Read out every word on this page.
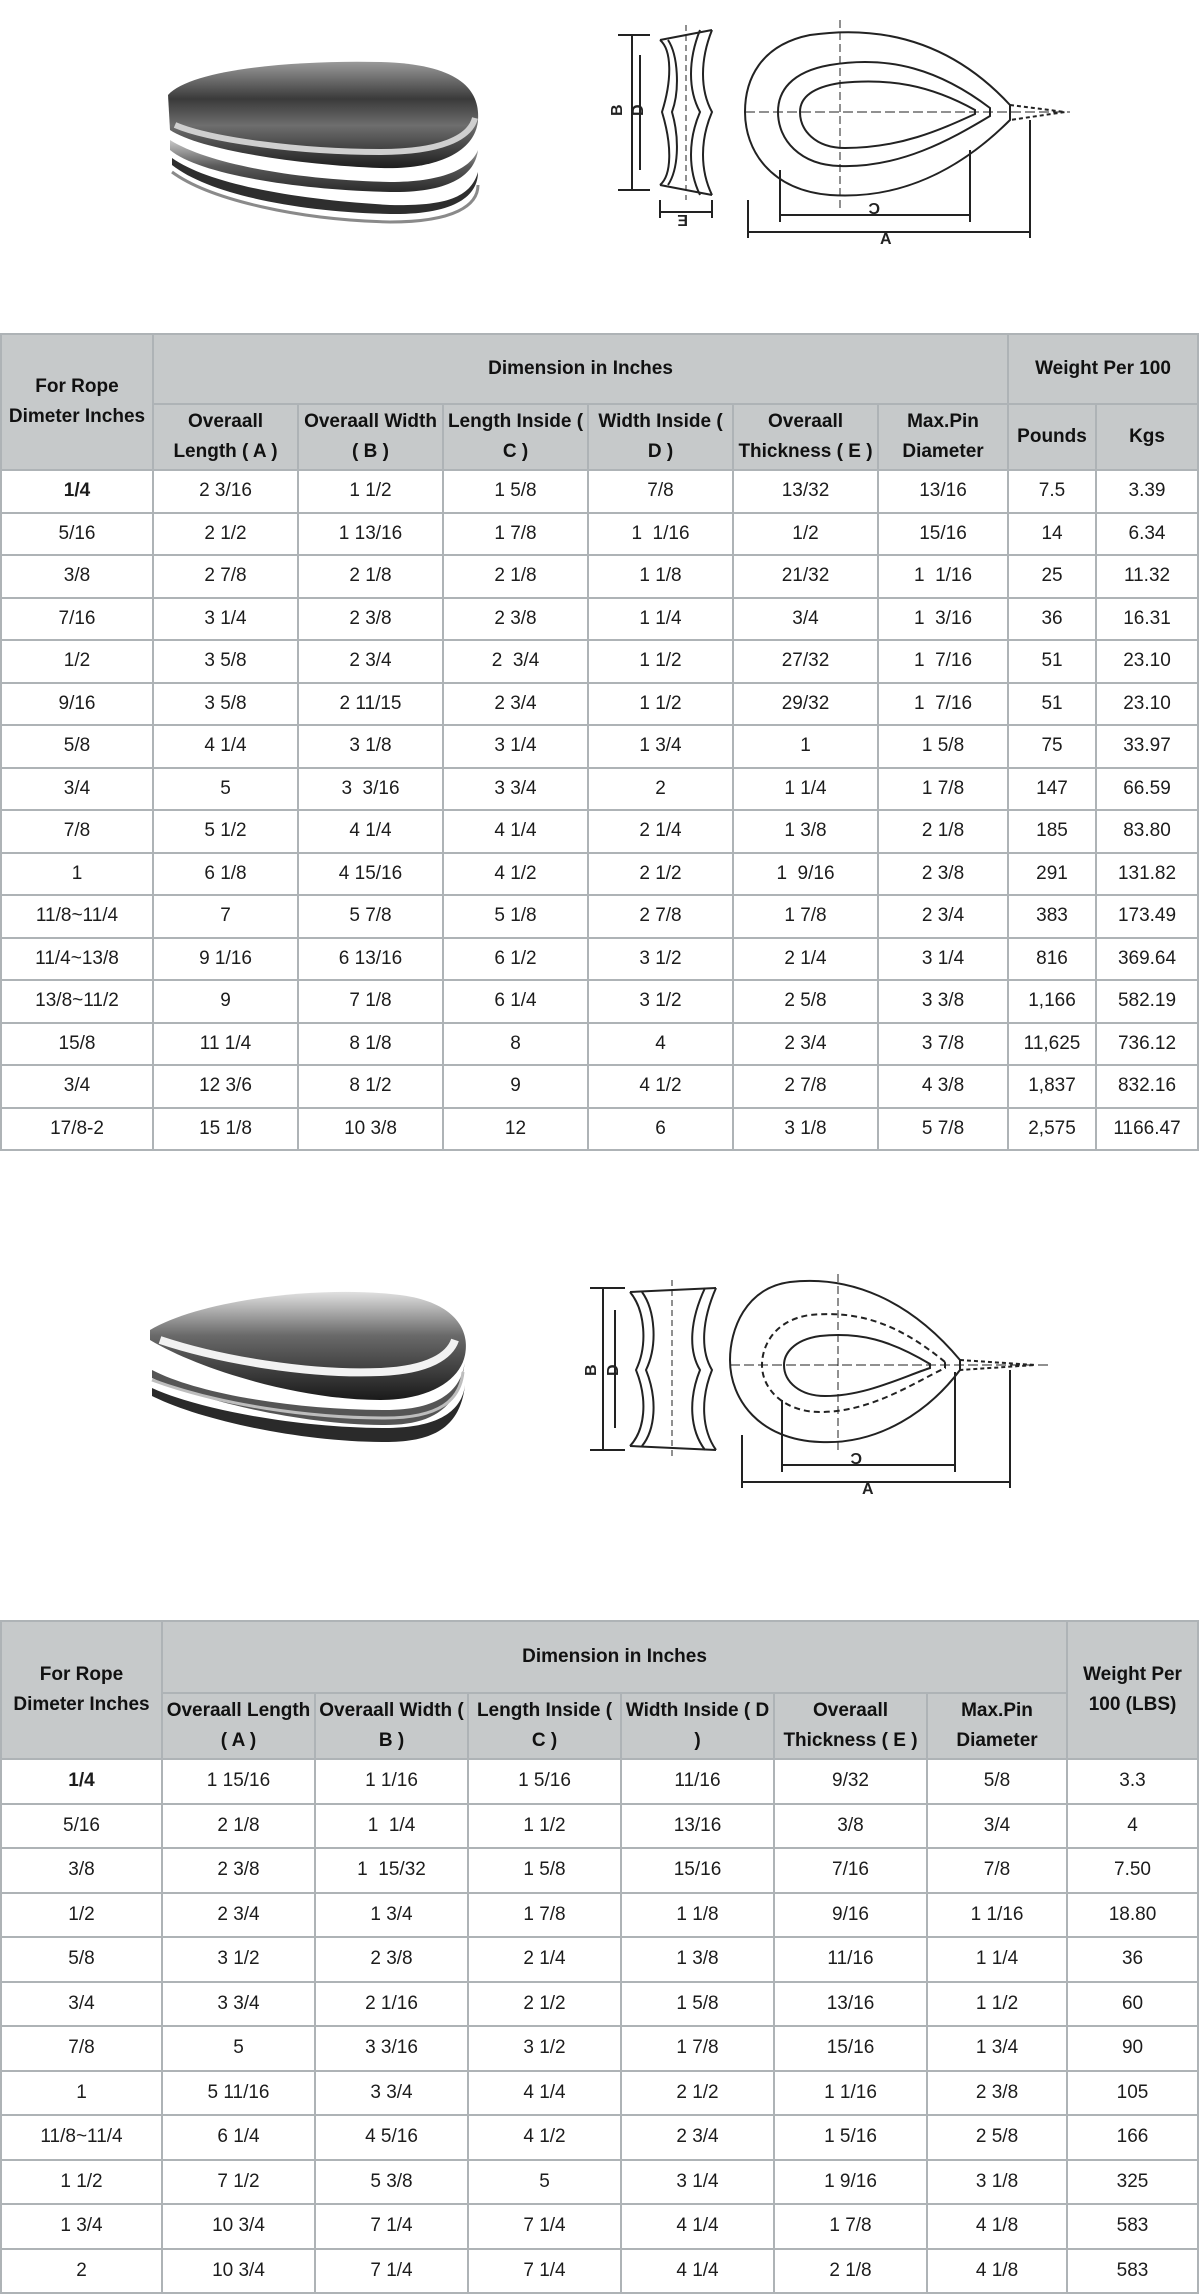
B D
E
C
A
For Rope Dimeter Inches	Dimension in Inches						Weight Per 100	
	Overaall Length ( A )	Overaall Width ( B )	Length Inside ( C )	Width Inside ( D )	Overaall Thickness ( E )	Max.Pin Diameter	Pounds	Kgs
1/4	2 3/16	1 1/2	1 5/8	7/8	13/32	13/16	7.5	3.39
5/16	2 1/2	1 13/16	1 7/8	1  1/16	1/2	15/16	14	6.34
3/8	2 7/8	2 1/8	2 1/8	1 1/8	21/32	1  1/16	25	11.32
7/16	3 1/4	2 3/8	2 3/8	1 1/4	3/4	1  3/16	36	16.31
1/2	3 5/8	2 3/4	2  3/4	1 1/2	27/32	1  7/16	51	23.10
9/16	3 5/8	2 11/15	2 3/4	1 1/2	29/32	1  7/16	51	23.10
5/8	4 1/4	3 1/8	3 1/4	1 3/4	1	1 5/8	75	33.97
3/4	5	3  3/16	3 3/4	2	1 1/4	1 7/8	147	66.59
7/8	5 1/2	4 1/4	4 1/4	2 1/4	1 3/8	2 1/8	185	83.80
1	6 1/8	4 15/16	4 1/2	2 1/2	1  9/16	2 3/8	291	131.82
11/8~11/4	7	5 7/8	5 1/8	2 7/8	1 7/8	2 3/4	383	173.49
11/4~13/8	9 1/16	6 13/16	6 1/2	3 1/2	2 1/4	3 1/4	816	369.64
13/8~11/2	9	7 1/8	6 1/4	3 1/2	2 5/8	3 3/8	1,166	582.19
15/8	11 1/4	8 1/8	8	4	2 3/4	3 7/8	11,625	736.12
3/4	12 3/6	8 1/2	9	4 1/2	2 7/8	4 3/8	1,837	832.16
17/8-2	15 1/8	10 3/8	12	6	3 1/8	5 7/8	2,575	1166.47
B D
C
A
For Rope Dimeter Inches	Dimension in Inches						Weight Per 100 (LBS)
	Overaall Length ( A )	Overaall Width ( B )	Length Inside ( C )	Width Inside ( D )	Overaall Thickness ( E )	Max.Pin Diameter	
1/4	1 15/16	1 1/16	1 5/16	11/16	9/32	5/8	3.3
5/16	2 1/8	1  1/4	1 1/2	13/16	3/8	3/4	4
3/8	2 3/8	1  15/32	1 5/8	15/16	7/16	7/8	7.50
1/2	2 3/4	1 3/4	1 7/8	1 1/8	9/16	1 1/16	18.80
5/8	3 1/2	2 3/8	2 1/4	1 3/8	11/16	1 1/4	36
3/4	3 3/4	2 1/16	2 1/2	1 5/8	13/16	1 1/2	60
7/8	5	3 3/16	3 1/2	1 7/8	15/16	1 3/4	90
1	5 11/16	3 3/4	4 1/4	2 1/2	1 1/16	2 3/8	105
11/8~11/4	6 1/4	4 5/16	4 1/2	2 3/4	1 5/16	2 5/8	166
1 1/2	7 1/2	5 3/8	5	3 1/4	1 9/16	3 1/8	325
1 3/4	10 3/4	7 1/4	7 1/4	4 1/4	1 7/8	4 1/8	583
2	10 3/4	7 1/4	7 1/4	4 1/4	2 1/8	4 1/8	583
